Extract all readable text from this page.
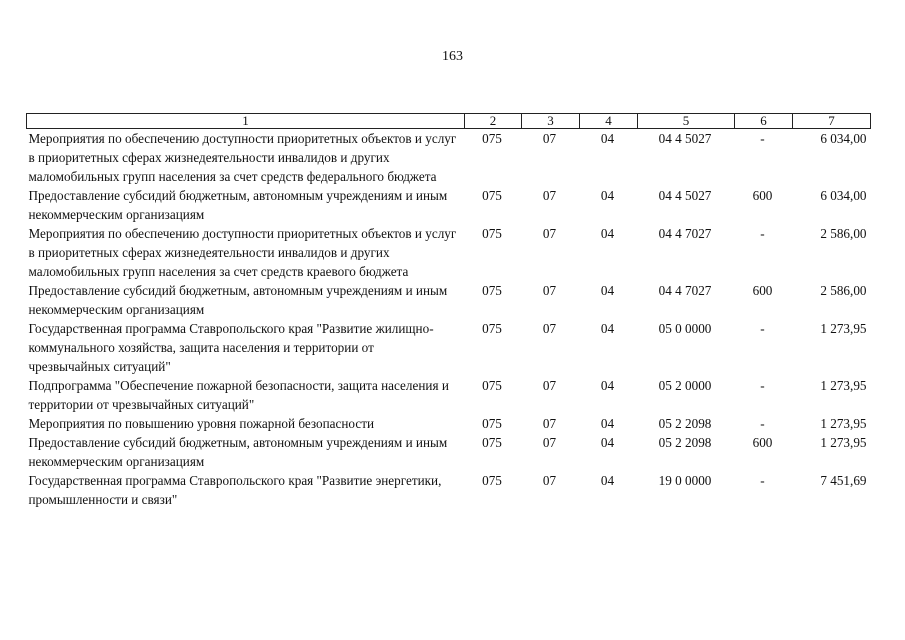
163
1	2	3	4	5	6	7
Мероприятия по обеспечению доступности приоритетных объектов и услуг в приоритетных сферах жизнедеятельности инвалидов и других маломобильных групп населения за счет средств федерального бюджета	075	07	04	04 4 5027	-	6 034,00
Предоставление субсидий бюджетным, автономным учреждениям и иным некоммерческим организациям	075	07	04	04 4 5027	600	6 034,00
Мероприятия по обеспечению доступности приоритетных объектов и услуг в приоритетных сферах жизнедеятельности инвалидов и других маломобильных групп населения за счет средств краевого бюджета	075	07	04	04 4 7027	-	2 586,00
Предоставление субсидий бюджетным, автономным учреждениям и иным некоммерческим организациям	075	07	04	04 4 7027	600	2 586,00
Государственная программа Ставропольского края "Развитие жилищно-коммунального хозяйства, защита населения и территории от чрезвычайных ситуаций"	075	07	04	05 0 0000	-	1 273,95
Подпрограмма "Обеспечение пожарной безопасности, защита населения и территории от чрезвычайных ситуаций"	075	07	04	05 2 0000	-	1 273,95
Мероприятия по повышению уровня пожарной безопасности	075	07	04	05 2 2098	-	1 273,95
Предоставление субсидий бюджетным, автономным учреждениям и иным некоммерческим организациям	075	07	04	05 2 2098	600	1 273,95
Государственная программа Ставропольского края "Развитие энергетики, промышленности и связи"	075	07	04	19 0 0000	-	7 451,69
